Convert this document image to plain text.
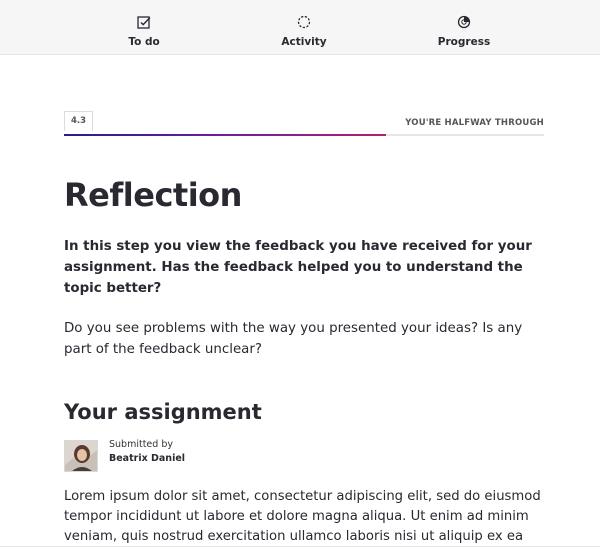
To do	Activity	Progress
4.3	YOU'RE HALFWAY THROUGH
Reflection

In this step you view the feedback you have received for your assignment. Has the feedback helped you to understand the topic better?

Do you see problems with the way you presented your ideas? Is any part of the feedback unclear?

Your assignment
Submitted by
Beatrix Daniel

Lorem ipsum dolor sit amet, consectetur adipiscing elit, sed do eiusmod tempor incididunt ut labore et dolore magna aliqua. Ut enim ad minim veniam, quis nostrud exercitation ullamco laboris nisi ut aliquip ex ea
